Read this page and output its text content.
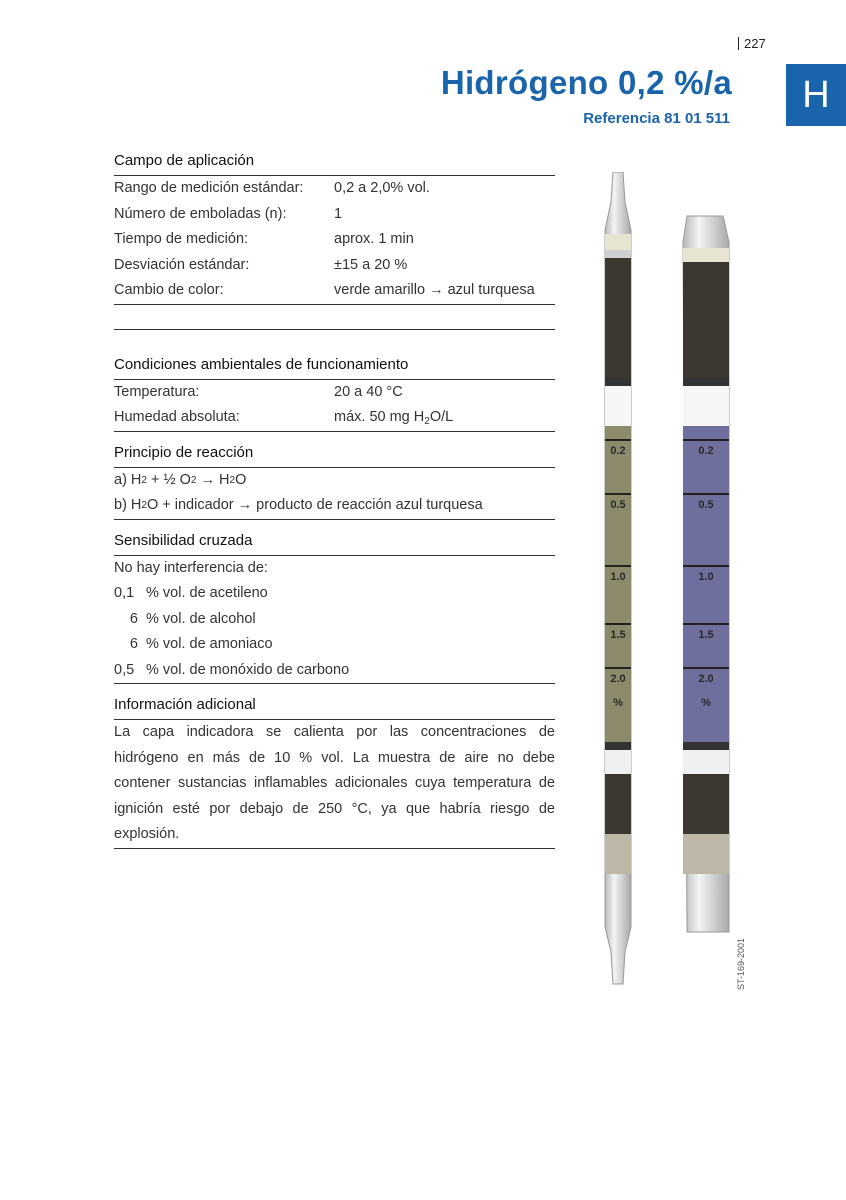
227
H
Hidrógeno 0,2 %/a
Referencia 81 01 511
Campo de aplicación
Rango de medición estándar:	0,2 a 2,0% vol.
Número de emboladas (n):	1
Tiempo de medición:	aprox. 1 min
Desviación estándar:	±15 a 20 %
Cambio de color:	verde amarillo → azul turquesa
Condiciones ambientales de funcionamiento
Temperatura:	20 a 40 °C
Humedad absoluta:	máx. 50 mg $H_2O/L$
Principio de reacción
a) H 2 + ½ O 2 → H 2 O
b) H 2 O + indicador → producto de reacción azul turquesa
Sensibilidad cruzada
No hay interferencia de:
0,1 % vol. de acetileno
6 % vol. de alcohol
6 % vol. de amoniaco
0,5 % vol. de monóxido de carbono
Información adicional
La capa indicadora se calienta por las concentraciones de hidrógeno en más de 10 % vol. La muestra de aire no debe contener sustancias inflamables adicionales cuya temperatura de ignición esté por debajo de 250 °C, ya que habría riesgo de explosión.
0.2	0.2
0.5	0.5
1.0	1.0
1.5	1.5
2.0	2.0
%	%
ST-169-2001
